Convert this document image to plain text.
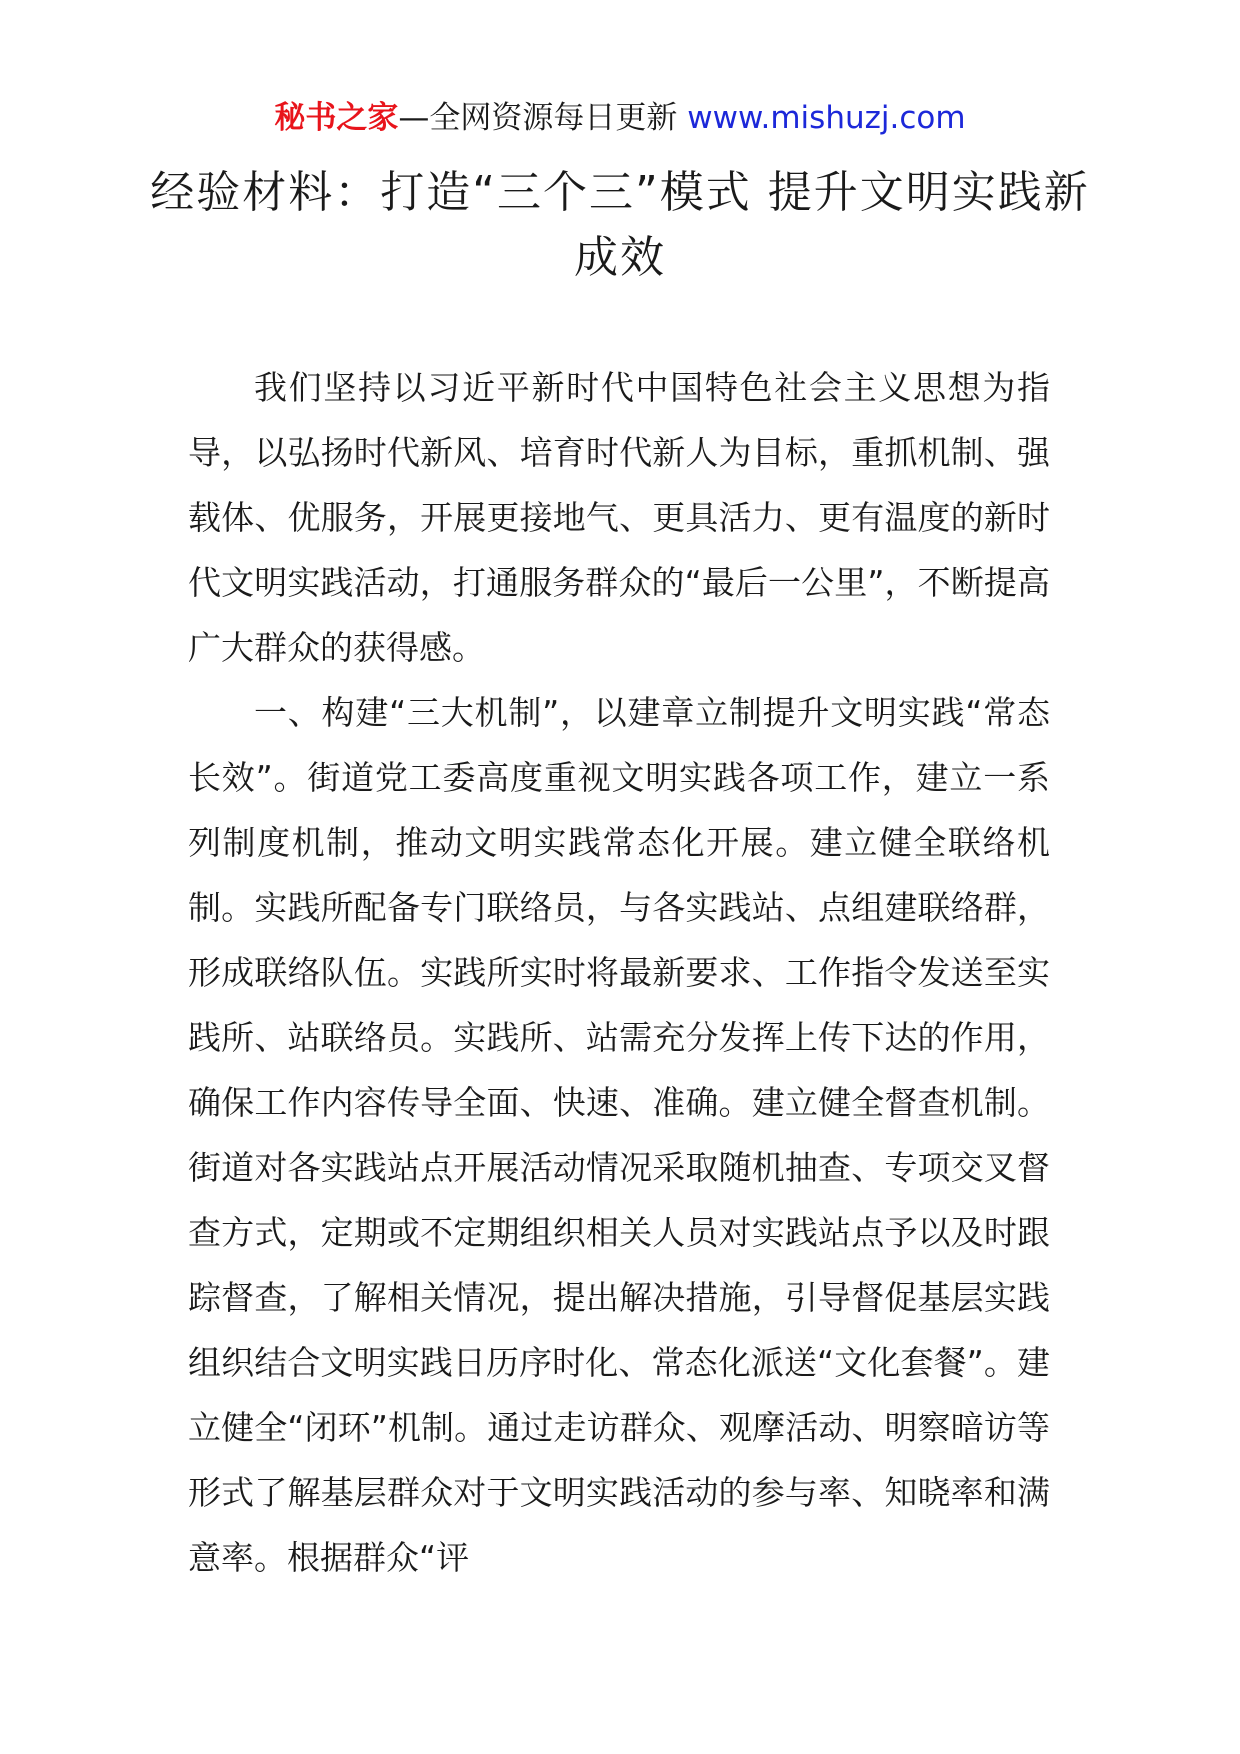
秘书之家—全网资源每日更新 www.mishuzj.com
经验材料：打造“三个三”模式 提升文明实践新成效

我们坚持以习近平新时代中国特色社会主义思想为指导，以弘扬时代新风、培育时代新人为目标，重抓机制、强载体、优服务，开展更接地气、更具活力、更有温度的新时代文明实践活动，打通服务群众的“最后一公里”，不断提高广大群众的获得感。

一、构建“三大机制”，以建章立制提升文明实践“常态长效”。街道党工委高度重视文明实践各项工作，建立一系列制度机制，推动文明实践常态化开展。建立健全联络机制。实践所配备专门联络员，与各实践站、点组建联络群，形成联络队伍。实践所实时将最新要求、工作指令发送至实践所、站联络员。实践所、站需充分发挥上传下达的作用，确保工作内容传导全面、快速、准确。建立健全督查机制。街道对各实践站点开展活动情况采取随机抽查、专项交叉督查方式，定期或不定期组织相关人员对实践站点予以及时跟踪督查，了解相关情况，提出解决措施，引导督促基层实践组织结合文明实践日历序时化、常态化派送“文化套餐”。建立健全“闭环”机制。通过走访群众、观摩活动、明察暗访等形式了解基层群众对于文明实践活动的参与率、知晓率和满意率。根据群众“评
